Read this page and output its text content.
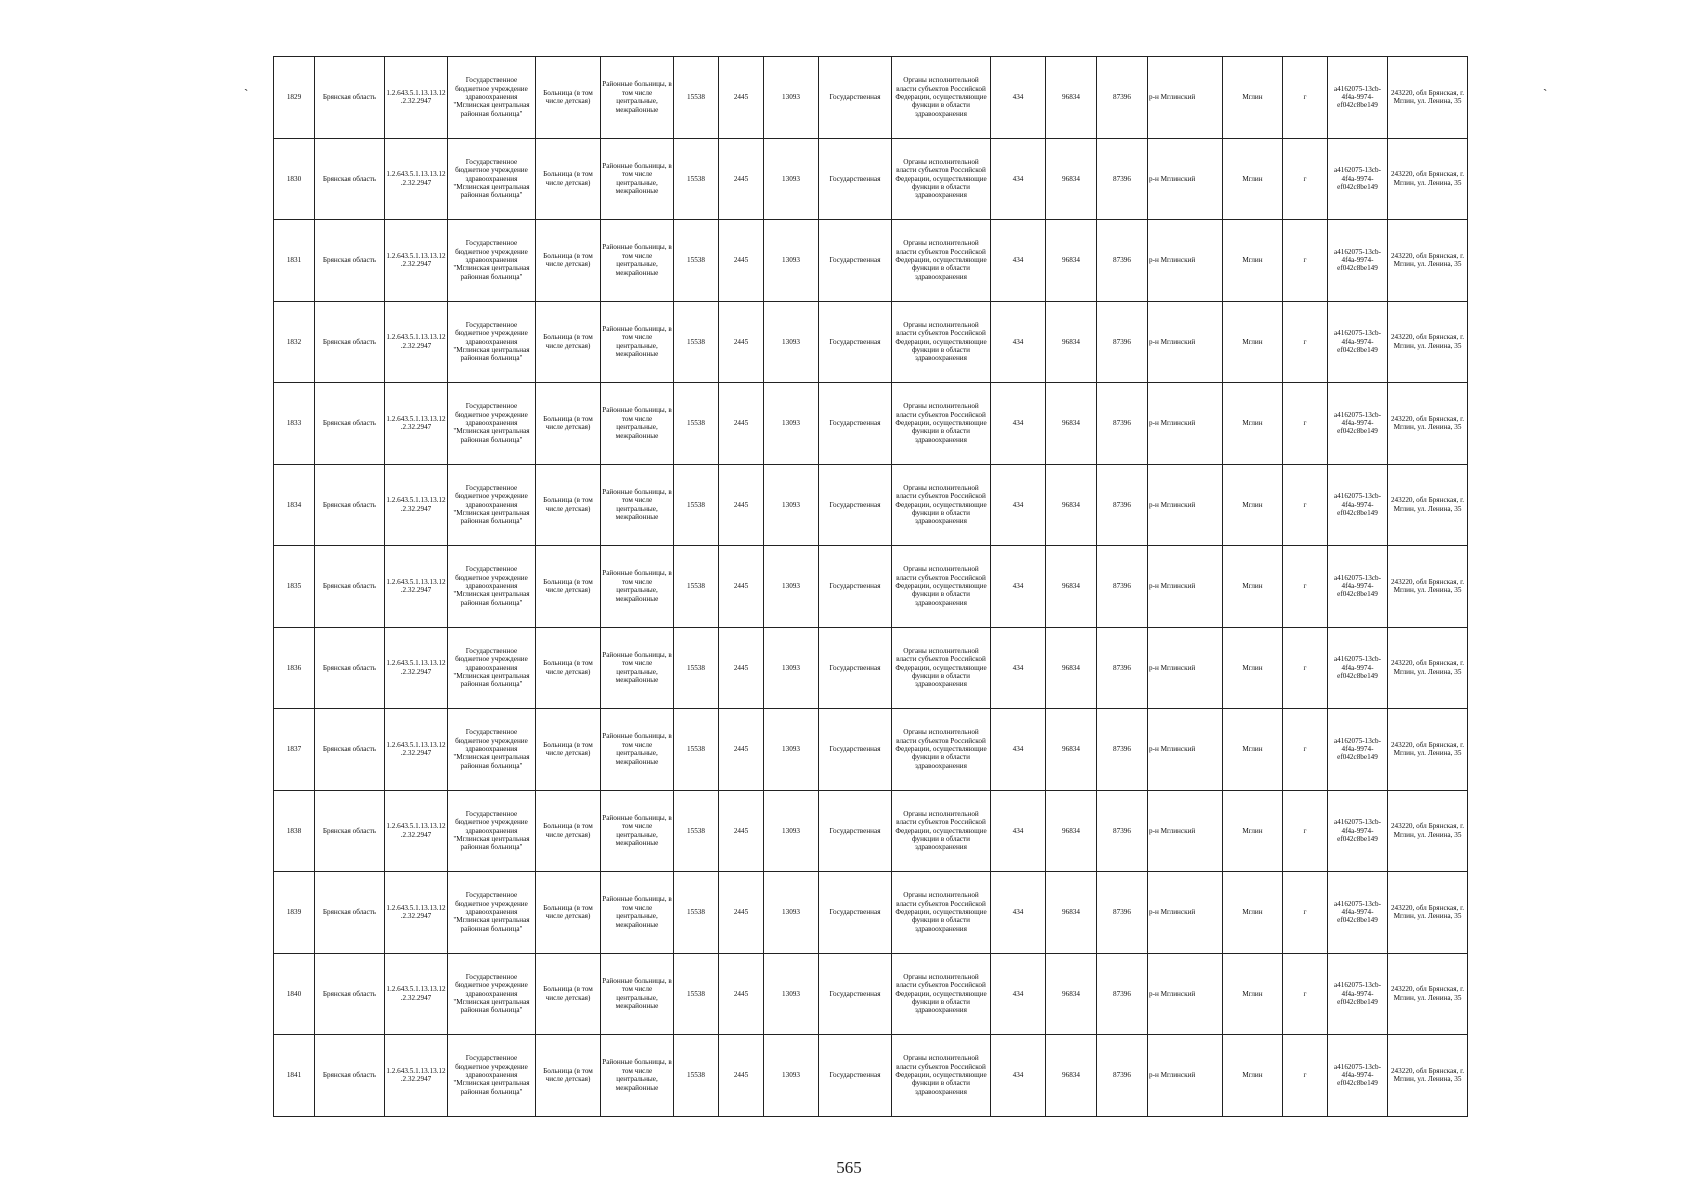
ˋ	ˋ
1829	Брянская область	1.2.643.5.1.13.13.12.2.32.2947	Государственное бюджетное учреждение здравоохранения "Мглинская центральная районная больница"	Больница (в том числе детская)	Районные больницы, в том числе центральные, межрайонные	15538	2445	13093	Государственная	Органы исполнительной власти субъектов Российской Федерации, осуществляющие функции в области здравоохранения	434	96834	87396	р-н Мглинский	Мглин	г	a4162075-13cb-4f4a-9974-ef042c8be149	243220, обл Брянская, г. Мглин, ул. Ленина, 35
1830	Брянская область	1.2.643.5.1.13.13.12.2.32.2947	Государственное бюджетное учреждение здравоохранения "Мглинская центральная районная больница"	Больница (в том числе детская)	Районные больницы, в том числе центральные, межрайонные	15538	2445	13093	Государственная	Органы исполнительной власти субъектов Российской Федерации, осуществляющие функции в области здравоохранения	434	96834	87396	р-н Мглинский	Мглин	г	a4162075-13cb-4f4a-9974-ef042c8be149	243220, обл Брянская, г. Мглин, ул. Ленина, 35
1831	Брянская область	1.2.643.5.1.13.13.12.2.32.2947	Государственное бюджетное учреждение здравоохранения "Мглинская центральная районная больница"	Больница (в том числе детская)	Районные больницы, в том числе центральные, межрайонные	15538	2445	13093	Государственная	Органы исполнительной власти субъектов Российской Федерации, осуществляющие функции в области здравоохранения	434	96834	87396	р-н Мглинский	Мглин	г	a4162075-13cb-4f4a-9974-ef042c8be149	243220, обл Брянская, г. Мглин, ул. Ленина, 35
1832	Брянская область	1.2.643.5.1.13.13.12.2.32.2947	Государственное бюджетное учреждение здравоохранения "Мглинская центральная районная больница"	Больница (в том числе детская)	Районные больницы, в том числе центральные, межрайонные	15538	2445	13093	Государственная	Органы исполнительной власти субъектов Российской Федерации, осуществляющие функции в области здравоохранения	434	96834	87396	р-н Мглинский	Мглин	г	a4162075-13cb-4f4a-9974-ef042c8be149	243220, обл Брянская, г. Мглин, ул. Ленина, 35
1833	Брянская область	1.2.643.5.1.13.13.12.2.32.2947	Государственное бюджетное учреждение здравоохранения "Мглинская центральная районная больница"	Больница (в том числе детская)	Районные больницы, в том числе центральные, межрайонные	15538	2445	13093	Государственная	Органы исполнительной власти субъектов Российской Федерации, осуществляющие функции в области здравоохранения	434	96834	87396	р-н Мглинский	Мглин	г	a4162075-13cb-4f4a-9974-ef042c8be149	243220, обл Брянская, г. Мглин, ул. Ленина, 35
1834	Брянская область	1.2.643.5.1.13.13.12.2.32.2947	Государственное бюджетное учреждение здравоохранения "Мглинская центральная районная больница"	Больница (в том числе детская)	Районные больницы, в том числе центральные, межрайонные	15538	2445	13093	Государственная	Органы исполнительной власти субъектов Российской Федерации, осуществляющие функции в области здравоохранения	434	96834	87396	р-н Мглинский	Мглин	г	a4162075-13cb-4f4a-9974-ef042c8be149	243220, обл Брянская, г. Мглин, ул. Ленина, 35
1835	Брянская область	1.2.643.5.1.13.13.12.2.32.2947	Государственное бюджетное учреждение здравоохранения "Мглинская центральная районная больница"	Больница (в том числе детская)	Районные больницы, в том числе центральные, межрайонные	15538	2445	13093	Государственная	Органы исполнительной власти субъектов Российской Федерации, осуществляющие функции в области здравоохранения	434	96834	87396	р-н Мглинский	Мглин	г	a4162075-13cb-4f4a-9974-ef042c8be149	243220, обл Брянская, г. Мглин, ул. Ленина, 35
1836	Брянская область	1.2.643.5.1.13.13.12.2.32.2947	Государственное бюджетное учреждение здравоохранения "Мглинская центральная районная больница"	Больница (в том числе детская)	Районные больницы, в том числе центральные, межрайонные	15538	2445	13093	Государственная	Органы исполнительной власти субъектов Российской Федерации, осуществляющие функции в области здравоохранения	434	96834	87396	р-н Мглинский	Мглин	г	a4162075-13cb-4f4a-9974-ef042c8be149	243220, обл Брянская, г. Мглин, ул. Ленина, 35
1837	Брянская область	1.2.643.5.1.13.13.12.2.32.2947	Государственное бюджетное учреждение здравоохранения "Мглинская центральная районная больница"	Больница (в том числе детская)	Районные больницы, в том числе центральные, межрайонные	15538	2445	13093	Государственная	Органы исполнительной власти субъектов Российской Федерации, осуществляющие функции в области здравоохранения	434	96834	87396	р-н Мглинский	Мглин	г	a4162075-13cb-4f4a-9974-ef042c8be149	243220, обл Брянская, г. Мглин, ул. Ленина, 35
1838	Брянская область	1.2.643.5.1.13.13.12.2.32.2947	Государственное бюджетное учреждение здравоохранения "Мглинская центральная районная больница"	Больница (в том числе детская)	Районные больницы, в том числе центральные, межрайонные	15538	2445	13093	Государственная	Органы исполнительной власти субъектов Российской Федерации, осуществляющие функции в области здравоохранения	434	96834	87396	р-н Мглинский	Мглин	г	a4162075-13cb-4f4a-9974-ef042c8be149	243220, обл Брянская, г. Мглин, ул. Ленина, 35
1839	Брянская область	1.2.643.5.1.13.13.12.2.32.2947	Государственное бюджетное учреждение здравоохранения "Мглинская центральная районная больница"	Больница (в том числе детская)	Районные больницы, в том числе центральные, межрайонные	15538	2445	13093	Государственная	Органы исполнительной власти субъектов Российской Федерации, осуществляющие функции в области здравоохранения	434	96834	87396	р-н Мглинский	Мглин	г	a4162075-13cb-4f4a-9974-ef042c8be149	243220, обл Брянская, г. Мглин, ул. Ленина, 35
1840	Брянская область	1.2.643.5.1.13.13.12.2.32.2947	Государственное бюджетное учреждение здравоохранения "Мглинская центральная районная больница"	Больница (в том числе детская)	Районные больницы, в том числе центральные, межрайонные	15538	2445	13093	Государственная	Органы исполнительной власти субъектов Российской Федерации, осуществляющие функции в области здравоохранения	434	96834	87396	р-н Мглинский	Мглин	г	a4162075-13cb-4f4a-9974-ef042c8be149	243220, обл Брянская, г. Мглин, ул. Ленина, 35
1841	Брянская область	1.2.643.5.1.13.13.12.2.32.2947	Государственное бюджетное учреждение здравоохранения "Мглинская центральная районная больница"	Больница (в том числе детская)	Районные больницы, в том числе центральные, межрайонные	15538	2445	13093	Государственная	Органы исполнительной власти субъектов Российской Федерации, осуществляющие функции в области здравоохранения	434	96834	87396	р-н Мглинский	Мглин	г	a4162075-13cb-4f4a-9974-ef042c8be149	243220, обл Брянская, г. Мглин, ул. Ленина, 35
565
